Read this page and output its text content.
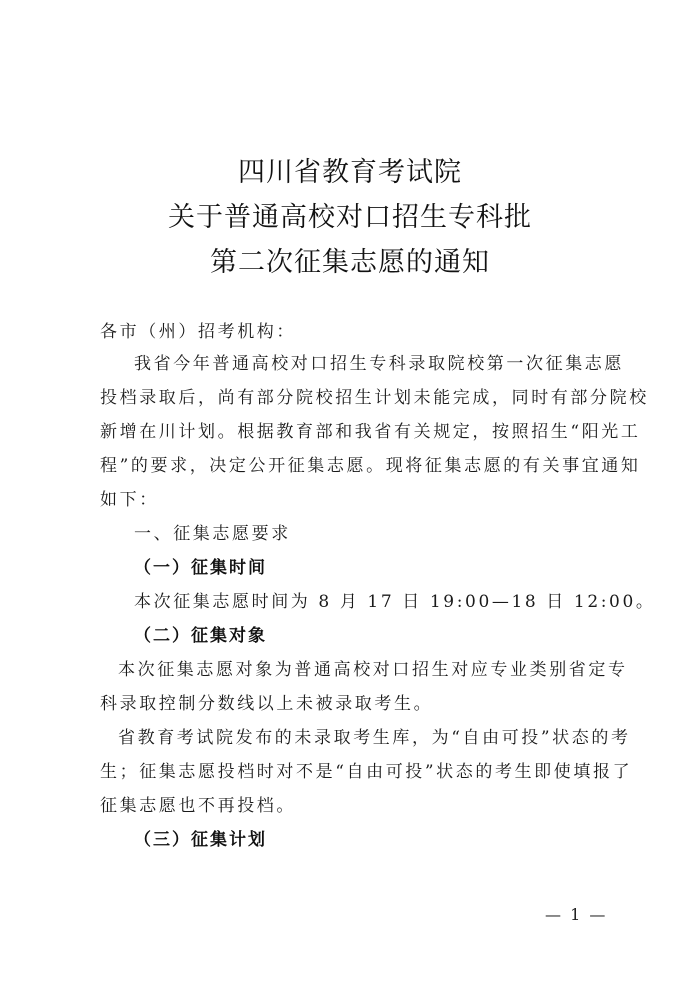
四川省教育考试院
关于普通高校对口招生专科批
第二次征集志愿的通知
各市（州）招考机构：
我省今年普通高校对口招生专科录取院校第一次征集志愿
投档录取后，尚有部分院校招生计划未能完成，同时有部分院校
新增在川计划。根据教育部和我省有关规定，按照招生“阳光工
程”的要求，决定公开征集志愿。现将征集志愿的有关事宜通知
如下：
一、征集志愿要求
（一）征集时间
本次征集志愿时间为 8 月 17 日 19:00—18 日 12:00。
（二）征集对象
本次征集志愿对象为普通高校对口招生对应专业类别省定专
科录取控制分数线以上未被录取考生。
省教育考试院发布的未录取考生库，为“自由可投”状态的考
生；征集志愿投档时对不是“自由可投”状态的考生即使填报了
征集志愿也不再投档。
（三）征集计划
— 1 —
